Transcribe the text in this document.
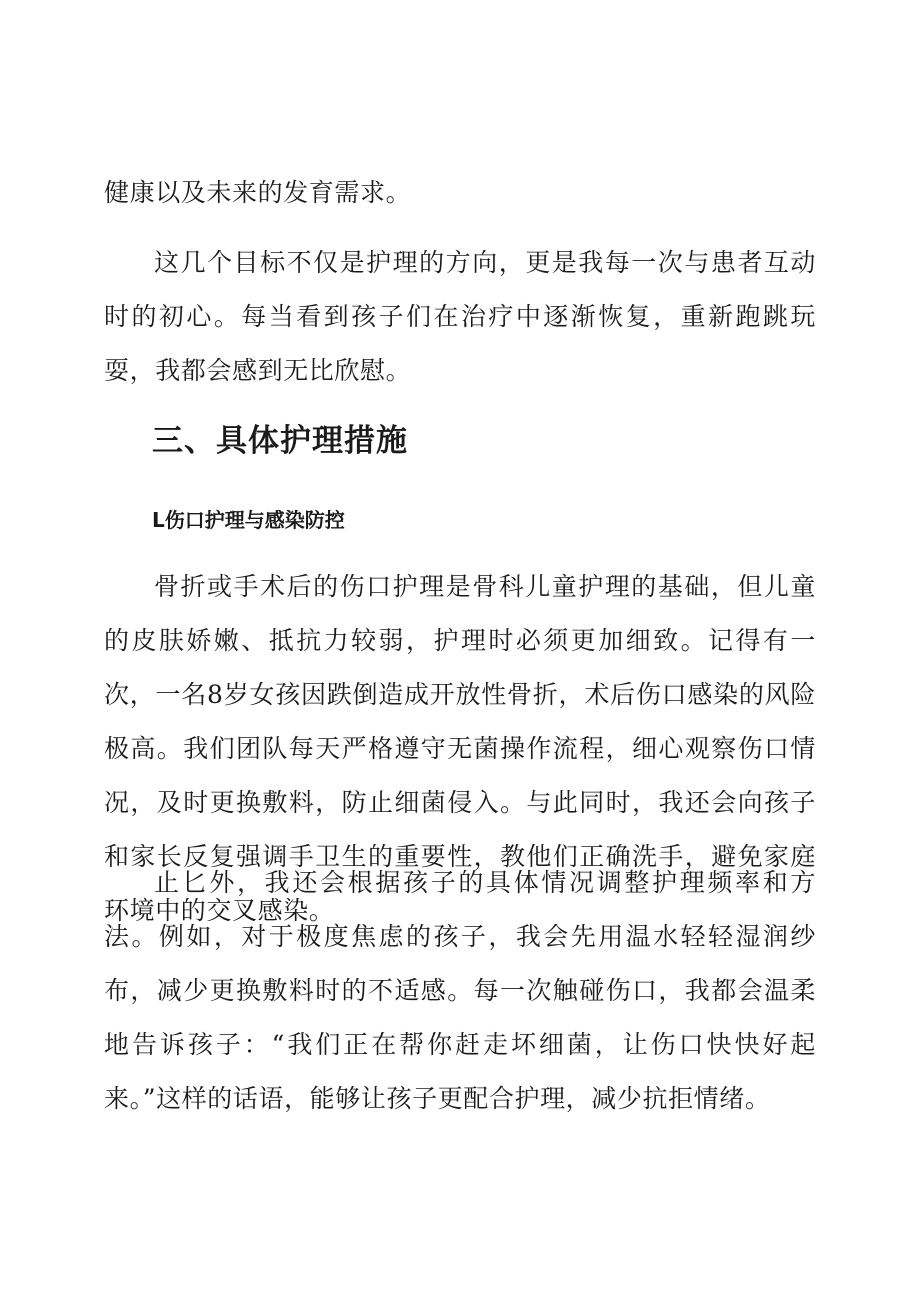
健康以及未来的发育需求。

这几个目标不仅是护理的方向，更是我每一次与患者互动时的初心。每当看到孩子们在治疗中逐渐恢复，重新跑跳玩耍，我都会感到无比欣慰。

三、具体护理措施
L伤口护理与感染防控

骨折或手术后的伤口护理是骨科儿童护理的基础，但儿童的皮肤娇嫩、抵抗力较弱，护理时必须更加细致。记得有一次，一名8岁女孩因跌倒造成开放性骨折，术后伤口感染的风险极高。我们团队每天严格遵守无菌操作流程，细心观察伤口情况，及时更换敷料，防止细菌侵入。与此同时，我还会向孩子和家长反复强调手卫生的重要性，教他们正确洗手，避免家庭环境中的交叉感染。

止匕外，我还会根据孩子的具体情况调整护理频率和方法。例如，对于极度焦虑的孩子，我会先用温水轻轻湿润纱布，减少更换敷料时的不适感。每一次触碰伤口，我都会温柔地告诉孩子：“我们正在帮你赶走坏细菌，让伤口快快好起来。”这样的话语，能够让孩子更配合护理，减少抗拒情绪。
